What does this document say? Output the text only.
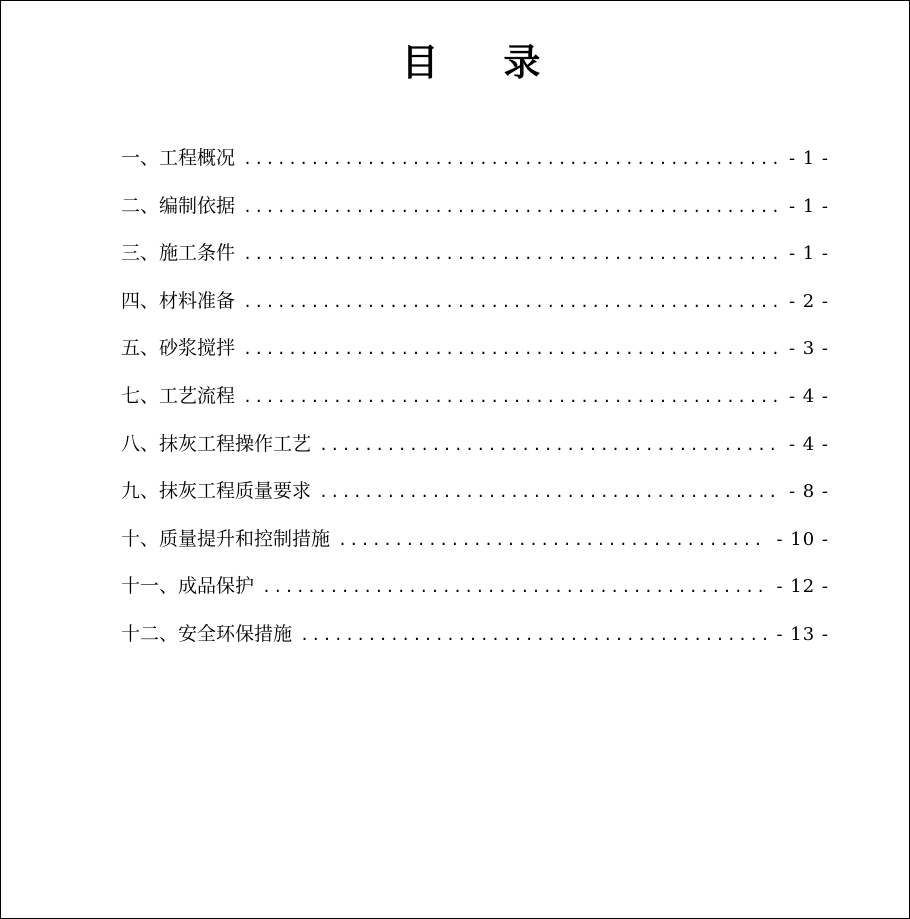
目 录
一、工程概况 .....	- 1 -
二、编制依据 .....	- 1 -
三、施工条件 .....	- 1 -
四、材料准备 .....	- 2 -
五、砂浆搅拌 .....	- 3 -
七、工艺流程 .....	- 4 -
八、抹灰工程操作工艺 .....	- 4 -
九、抹灰工程质量要求 .....	- 8 -
十、质量提升和控制措施 .....	- 10 -
十一、成品保护 .....	- 12 -
十二、安全环保措施 .....	- 13 -
